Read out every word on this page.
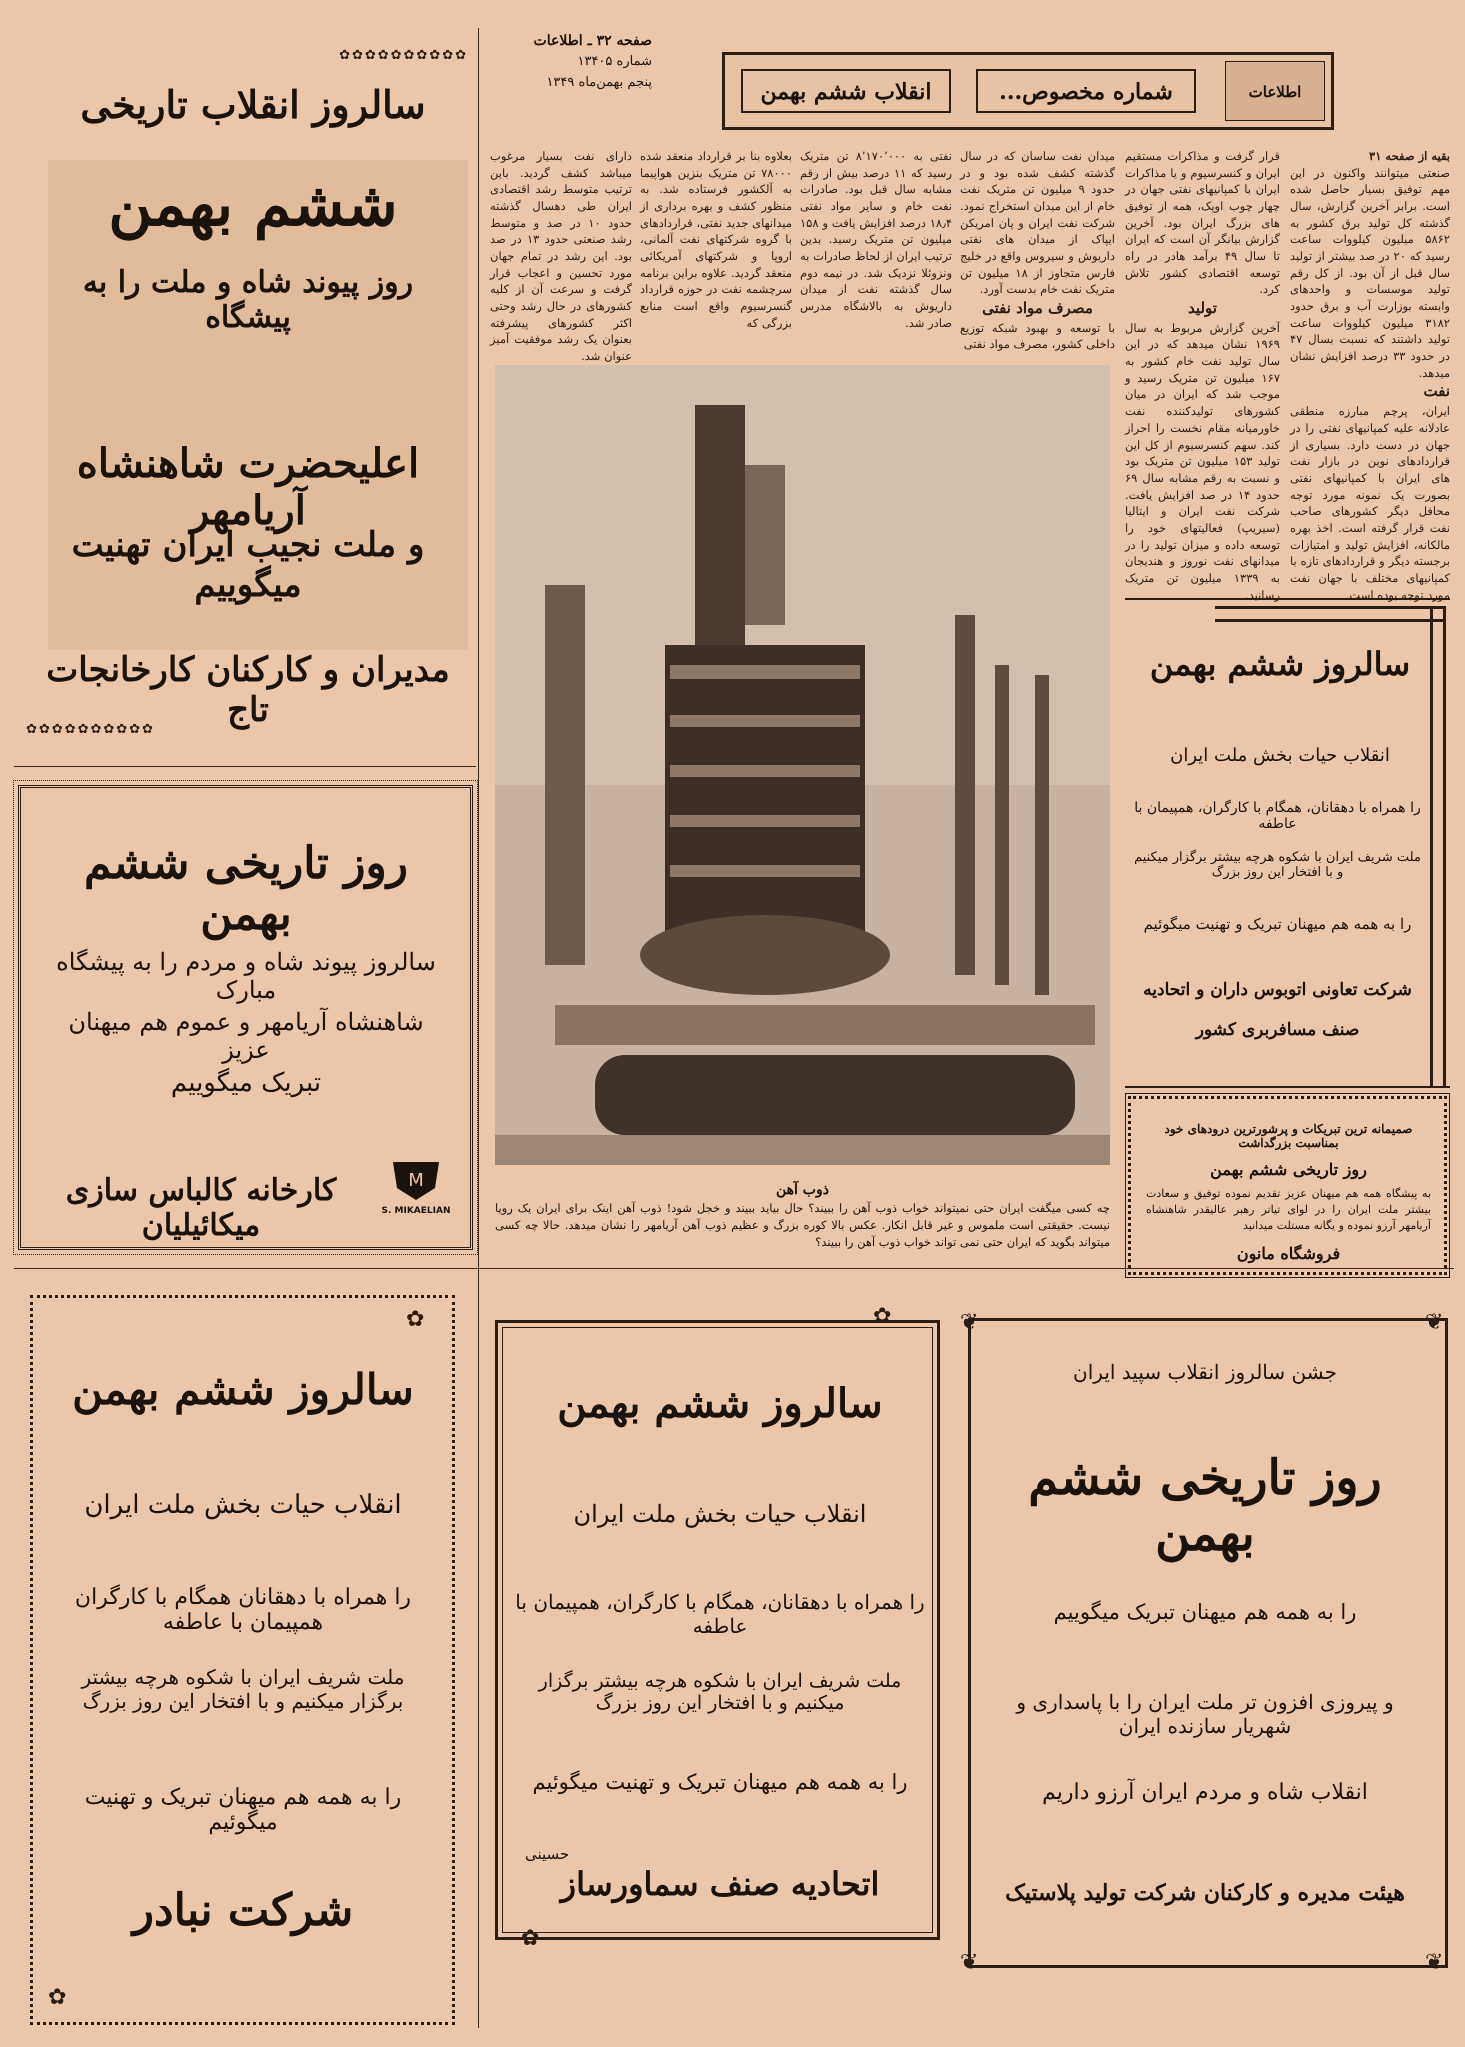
صفحه ۳۲ ـ اطلاعات
شماره ۱۳۴۰۵
پنجم بهمن‌ماه ۱۳۴۹
اطلاعات
شماره مخصوص...
انقلاب ششم بهمن
✿✿✿✿✿✿✿✿✿✿
سالروز انقلاب تاریخی
ششم بهمن
روز پیوند شاه و ملت را به پیشگاه
اعلیحضرت شاهنشاه آریامهر
و ملت نجیب ایران تهنیت میگوییم
مدیران و کارکنان کارخانجات تاج
✿✿✿✿✿✿✿✿✿✿
روز تاریخی ششم بهمن
سالروز پیوند شاه و مردم را به پیشگاه مبارک
شاهنشاه آریامهر و عموم هم میهنان عزیز
تبریک میگوییم
M
S. MIKAELIAN
کارخانه کالباس سازی میکائیلیان
بقیه از صفحه ۳۱
صنعتی میتوانند واکنون در این مهم توفیق بسیار حاصل شده است. برابر آخرین گزارش، سال گذشته کل تولید برق کشور به ۵۸۶۲ میلیون کیلووات ساعت رسید که ۲۰ در صد بیشتر از تولید سال قبل از آن بود. از کل رقم تولید موسسات و واحدهای وابسته بوزارت آب و برق حدود ۳۱۸۲ میلیون کیلووات ساعت تولید داشتند که نسبت بسال ۴۷ در حدود ۳۳ درصد افزایش نشان میدهد.
نفت
ایران، پرچم مبارزه منطقی عادلانه علیه کمپانیهای نفتی را در جهان در دست دارد. بسیاری از قراردادهای نوین در بازار نفت های ایران با کمپانیهای نفتی بصورت یک نمونه مورد توجه محافل دیگر کشورهای صاحب نفت قرار گرفته است. اخذ بهره مالکانه، افزایش تولید و امتیازات برجسته دیگر و قراردادهای تازه با کمپانیهای مختلف با جهان نفت مورد توجه بوده است.
قرار گرفت و مذاکرات مستقیم ایران و کنسرسیوم و یا مذاکرات ایران با کمپانیهای نفتی جهان در چهار چوب اوپک، همه از توفیق های بزرگ ایران بود. آخرین گزارش بیانگر آن است که ایران تا سال ۴۹ برآمد هادر در راه توسعه اقتصادی کشور تلاش کرد.
تولید
آخرین گزارش مربوط به سال ۱۹۶۹ نشان میدهد که در این سال تولید نفت خام کشور به ۱۶۷ میلیون تن متریک رسید و موجب شد که ایران در میان کشورهای تولیدکننده نفت خاورمیانه مقام نخست را احراز کند. سهم کنسرسیوم از کل این تولید ۱۵۳ میلیون تن متریک بود و نسبت به رقم مشابه سال ۶۹ حدود ۱۴ در صد افزایش یافت. شرکت نفت ایران و ایتالیا (سیریپ) فعالیتهای خود را توسعه داده و میزان تولید را در میدانهای نفت نوروز و هندیجان به ۱۳۳۹ میلیون تن متریک رسانید.
میدان نفت ساسان که در سال گذشته کشف شده بود و در حدود ۹ میلیون تن متریک نفت خام از این میدان استخراج نمود. شرکت نفت ایران و پان امریکن ایپاک از میدان های نفتی داریوش و سیروس واقع در خلیج فارس متجاوز از ۱۸ میلیون تن متریک نفت خام بدست آورد.
مصرف مواد نفتی
با توسعه و بهبود شبکه توزیع داخلی کشور، مصرف مواد نفتی
نفتی به ۸٬۱۷۰٬۰۰۰ تن متریک رسید که ۱۱ درصد بیش از رقم مشابه سال قبل بود. صادرات نفت خام و سایر مواد نفتی ۱۸٫۴ درصد افزایش یافت و ۱۵۸ میلیون تن متریک رسید. بدین ترتیب ایران از لحاظ صادرات به ونزوئلا نزدیک شد. در نیمه دوم سال گذشته نفت از میدان داریوش به بالاشگاه مدرس صادر شد.
بعلاوه بنا بر قرارداد منعقد شده ۷۸۰۰۰ تن متریک بنزین هواپیما به آلکشور فرستاده شد. به منظور کشف و بهره برداری از میدانهای جدید نفتی، قراردادهای با گروه شرکتهای نفت آلمانی، اروپا و شرکتهای آمریکائی منعقد گردید. علاوه براین برنامه سرچشمه نفت در حوزه قرارداد گنسرسیوم واقع است منابع بزرگی که
دارای نفت بسیار مرغوب میباشد کشف گردید. باین ترتیب متوسط رشد اقتصادی ایران طی دهسال گذشته حدود ۱۰ در صد و متوسط رشد صنعتی حدود ۱۳ در صد بود. این رشد در تمام جهان مورد تحسین و اعجاب قرار گرفت و سرعت آن از کلیه کشورهای در حال رشد وحتی اکثر کشورهای پیشرفته بعنوان یک رشد موفقیت آمیز عنوان شد.
ذوب آهن
چه کسی میگفت ایران حتی نمیتواند خواب ذوب آهن را ببیند؟ حال بیاید ببیند و خجل شود! ذوب آهن اینک برای ایران یک رویا نیست. حقیقتی است ملموس و غیر قابل انکار. عکس بالا کوره بزرگ و عظیم ذوب آهن آریامهر را نشان میدهد. حالا چه کسی میتواند بگوید که ایران حتی نمی تواند خواب ذوب آهن را ببیند؟
سالروز ششم بهمن
انقلاب حیات بخش ملت ایران
را همراه با دهقانان، همگام با کارگران، همپیمان با عاطفه
ملت شریف ایران با شکوه هرچه بیشتر برگزار میکنیم و با افتخار این روز بزرگ
را به همه هم میهنان تبریک و تهنیت میگوئیم
شرکت تعاونی اتوبوس داران و اتحادیه
صنف مسافربری کشور
صمیمانه ترین تبریکات و پرشورترین درودهای خود بمناسبت بزرگداشت
روز تاریخی ششم بهمن
به پیشگاه همه هم میهنان عزیز تقدیم نموده توفیق و سعادت بیشتر ملت ایران را در لوای تیاتر رهبر عالیقدر شاهنشاه آریامهر آرزو نموده و یگانه مستلت میدانید
فروشگاه مانون
✿
✿
سالروز ششم بهمن
انقلاب حیات بخش ملت ایران
را همراه با دهقانان همگام با کارگران همپیمان با عاطفه
ملت شریف ایران با شکوه هرچه بیشتر برگزار میکنیم و با افتخار این روز بزرگ
را به همه هم میهنان تبریک و تهنیت میگوئیم
شرکت نبادر
✿
✿
سالروز ششم بهمن
انقلاب حیات بخش ملت ایران
را همراه با دهقانان، همگام با کارگران، همپیمان با عاطفه
ملت شریف ایران با شکوه هرچه بیشتر برگزار میکنیم و با افتخار این روز بزرگ
را به همه هم میهنان تبریک و تهنیت میگوئیم
حسینی
اتحادیه صنف سماورساز
❦	❦
❦	❦
جشن سالروز انقلاب سپید ایران
روز تاریخی ششم بهمن
را به همه هم میهنان تبریک میگوییم
و پیروزی افزون تر ملت ایران را با پاسداری و شهریار سازنده ایران
انقلاب شاه و مردم ایران آرزو داریم
هیئت مدیره و کارکنان شرکت تولید پلاستیک
